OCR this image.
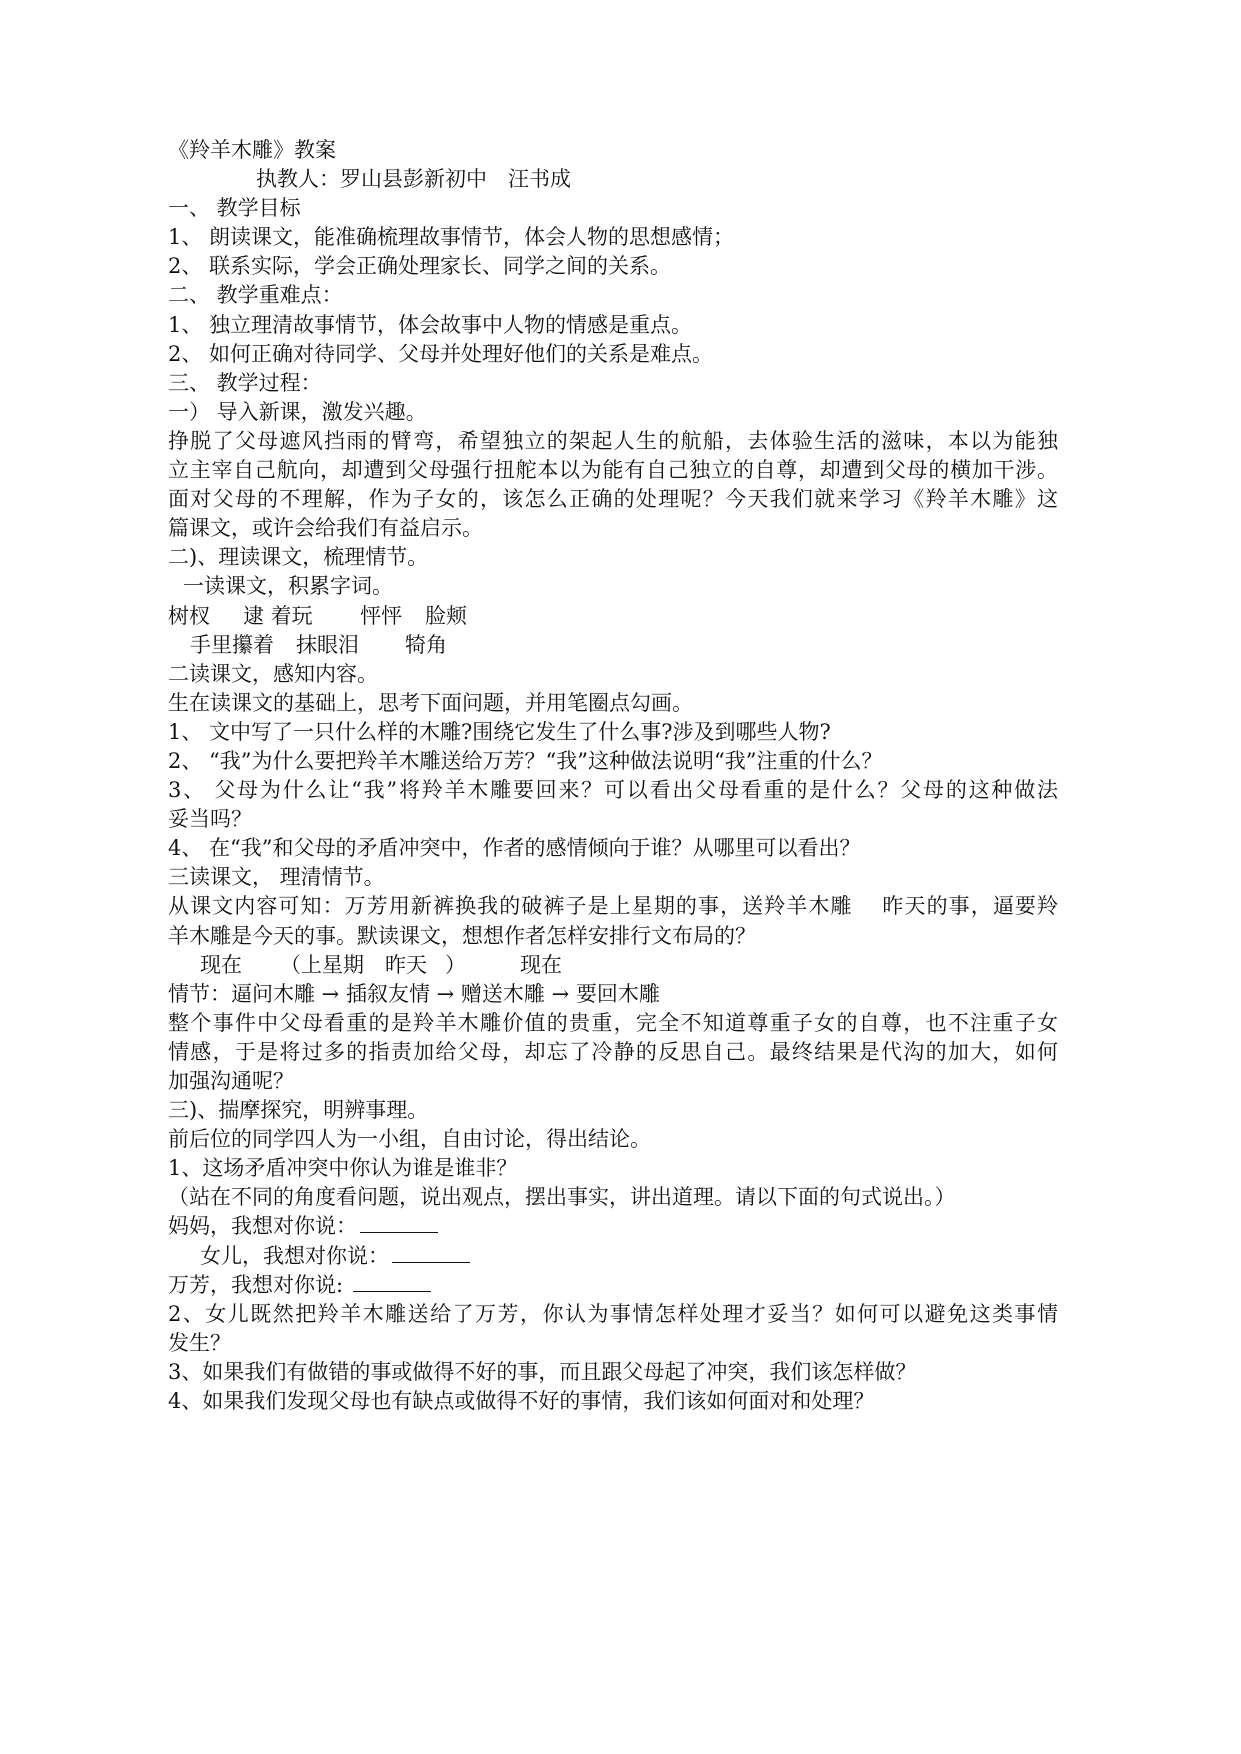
《羚羊木雕》教案
执教人：罗山县彭新初中　汪书成
一、 教学目标
1、 朗读课文，能准确梳理故事情节，体会人物的思想感情；
2、 联系实际，学会正确处理家长、同学之间的关系。
二、 教学重难点：
1、 独立理清故事情节，体会故事中人物的情感是重点。
2、 如何正确对待同学、父母并处理好他们的关系是难点。
三、 教学过程：
一） 导入新课，激发兴趣。
挣脱了父母遮风挡雨的臂弯，希望独立的架起人生的航船，去体验生活的滋味，本以为能独
立主宰自己航向，却遭到父母强行扭舵本以为能有自己独立的自尊，却遭到父母的横加干涉。
面对父母的不理解，作为子女的，该怎么正确的处理呢？今天我们就来学习《羚羊木雕》这
篇课文，或许会给我们有益启示。
二)、理读课文，梳理情节。
一读课文，积累字词。
树杈 逮 着玩 怦怦 脸颊
手里攥着 抹眼泪 犄角
二读课文，感知内容。
生在读课文的基础上，思考下面问题，并用笔圈点勾画。
1、 文中写了一只什么样的木雕?围绕它发生了什么事?涉及到哪些人物?
2、 “我”为什么要把羚羊木雕送给万芳？“我”这种做法说明“我”注重的什么？
3、 父母为什么让“我”将羚羊木雕要回来？可以看出父母看重的是什么？父母的这种做法
妥当吗？
4、 在“我”和父母的矛盾冲突中，作者的感情倾向于谁？从哪里可以看出？
三读课文， 理清情节。
从课文内容可知：万芳用新裤换我的破裤子是上星期的事，送羚羊木雕　 昨天的事，逼要羚
羊木雕是今天的事。默读课文，想想作者怎样安排行文布局的？
现在 （上星期 昨天 ）	现在
情节：逼问木雕 → 插叙友情 → 赠送木雕 → 要回木雕
整个事件中父母看重的是羚羊木雕价值的贵重，完全不知道尊重子女的自尊，也不注重子女
情感，于是将过多的指责加给父母，却忘了冷静的反思自己。最终结果是代沟的加大，如何
加强沟通呢？
三)、揣摩探究，明辨事理。
前后位的同学四人为一小组，自由讨论，得出结论。
1、这场矛盾冲突中你认为谁是谁非？
（站在不同的角度看问题，说出观点，摆出事实，讲出道理。请以下面的句式说出。）
妈妈，我想对你说：
女儿，我想对你说：
万芳，我想对你说:
2、女儿既然把羚羊木雕送给了万芳，你认为事情怎样处理才妥当？如何可以避免这类事情
发生？
3、如果我们有做错的事或做得不好的事，而且跟父母起了冲突，我们该怎样做？
4、如果我们发现父母也有缺点或做得不好的事情，我们该如何面对和处理？
